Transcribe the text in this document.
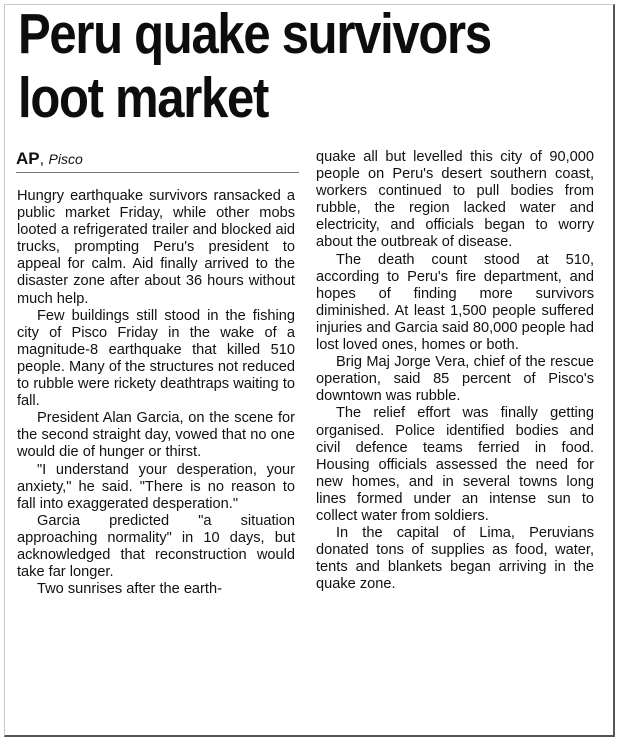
Peru quake survivors
loot market
AP, Pisco

Hungry earthquake survivors ransacked a public market Friday, while other mobs looted a refrigerated trailer and blocked aid trucks, prompting Peru's president to appeal for calm. Aid finally arrived to the disaster zone after about 36 hours without much help.

Few buildings still stood in the fishing city of Pisco Friday in the wake of a magnitude-8 earthquake that killed 510 people. Many of the structures not reduced to rubble were rickety deathtraps waiting to fall.

President Alan Garcia, on the scene for the second straight day, vowed that no one would die of hunger or thirst.

"I understand your desperation, your anxiety," he said. "There is no reason to fall into exaggerated desperation."

Garcia predicted "a situation approaching normality" in 10 days, but acknowledged that reconstruction would take far longer.

Two sunrises after the earth-

quake all but levelled this city of 90,000 people on Peru's desert southern coast, workers continued to pull bodies from rubble, the region lacked water and electricity, and officials began to worry about the outbreak of disease.

The death count stood at 510, according to Peru's fire department, and hopes of finding more survivors diminished. At least 1,500 people suffered injuries and Garcia said 80,000 people had lost loved ones, homes or both.

Brig Maj Jorge Vera, chief of the rescue operation, said 85 percent of Pisco's downtown was rubble.

The relief effort was finally getting organised. Police identified bodies and civil defence teams ferried in food. Housing officials assessed the need for new homes, and in several towns long lines formed under an intense sun to collect water from soldiers.

In the capital of Lima, Peruvians donated tons of supplies as food, water, tents and blankets began arriving in the quake zone.
